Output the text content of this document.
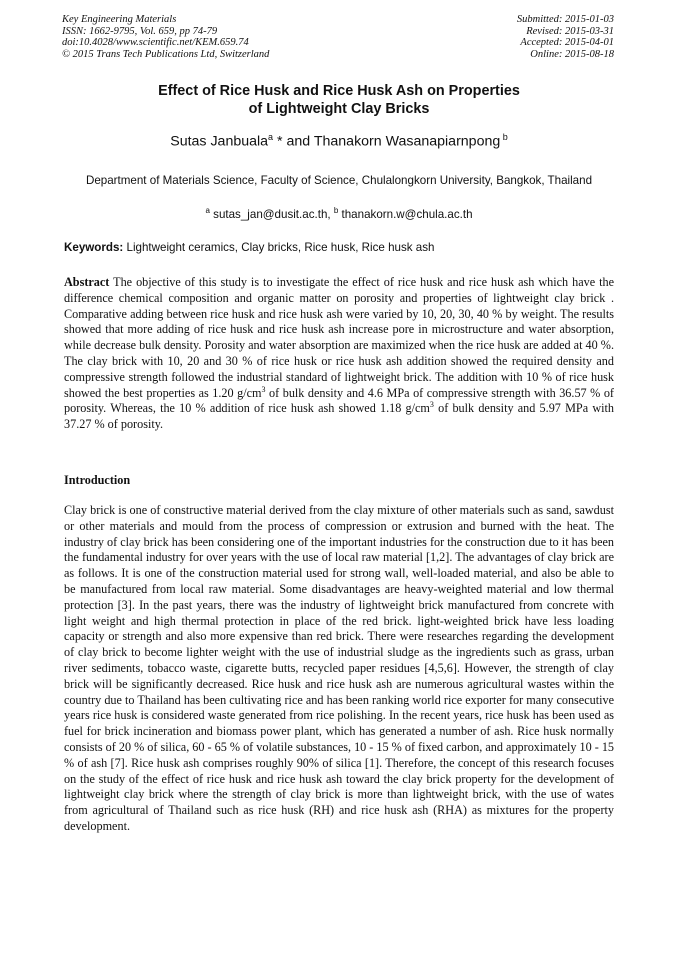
Key Engineering Materials
ISSN: 1662-9795, Vol. 659, pp 74-79
doi:10.4028/www.scientific.net/KEM.659.74
© 2015 Trans Tech Publications Ltd, Switzerland
Submitted: 2015-01-03
Revised: 2015-03-31
Accepted: 2015-04-01
Online: 2015-08-18
Effect of Rice Husk and Rice Husk Ash on Properties
of Lightweight Clay Bricks
Sutas Janbuala$^a$ * and Thanakorn Wasanapiarnpong $^b$
Department of Materials Science, Faculty of Science, Chulalongkorn University, Bangkok, Thailand
$^a$ sutas_jan@dusit.ac.th, $^b$ thanakorn.w@chula.ac.th
Keywords: Lightweight ceramics, Clay bricks, Rice husk, Rice husk ash

Abstract The objective of this study is to investigate the effect of rice husk and rice husk ash which have the difference chemical composition and organic matter on porosity and properties of lightweight clay brick . Comparative adding between rice husk and rice husk ash were varied by 10, 20, 30, 40 % by weight. The results showed that more adding of rice husk and rice husk ash increase pore in microstructure and water absorption, while decrease bulk density. Porosity and water absorption are maximized when the rice husk are added at 40 %. The clay brick with 10, 20 and 30 % of rice husk or rice husk ash addition showed the required density and compressive strength followed the industrial standard of lightweight brick. The addition with 10 % of rice husk showed the best properties as 1.20 $g/cm^3$ of bulk density and 4.6 MPa of compressive strength with 36.57 % of porosity. Whereas, the 10 % addition of rice husk ash showed 1.18 $g/cm^3$ of bulk density and 5.97 MPa with 37.27 % of porosity.

Introduction

Clay brick is one of constructive material derived from the clay mixture of other materials such as sand, sawdust or other materials and mould from the process of compression or extrusion and burned with the heat. The industry of clay brick has been considering one of the important industries for the construction due to it has been the fundamental industry for over years with the use of local raw material [1,2]. The advantages of clay brick are as follows. It is one of the construction material used for strong wall, well-loaded material, and also be able to be manufactured from local raw material. Some disadvantages are heavy-weighted material and low thermal protection [3]. In the past years, there was the industry of lightweight brick manufactured from concrete with light weight and high thermal protection in place of the red brick. light-weighted brick have less loading capacity or strength and also more expensive than red brick. There were researches regarding the development of clay brick to become lighter weight with the use of industrial sludge as the ingredients such as grass, urban river sediments, tobacco waste, cigarette butts, recycled paper residues [4,5,6]. However, the strength of clay brick will be significantly decreased. Rice husk and rice husk ash are numerous agricultural wastes within the country due to Thailand has been cultivating rice and has been ranking world rice exporter for many consecutive years rice husk is considered waste generated from rice polishing. In the recent years, rice husk has been used as fuel for brick incineration and biomass power plant, which has generated a number of ash. Rice husk normally consists of 20 % of silica, 60 - 65 % of volatile substances, 10 - 15 % of fixed carbon, and approximately 10 - 15 % of ash [7]. Rice husk ash comprises roughly 90% of silica [1]. Therefore, the concept of this research focuses on the study of the effect of rice husk and rice husk ash toward the clay brick property for the development of lightweight clay brick where the strength of clay brick is more than lightweight brick, with the use of wates from agricultural of Thailand such as rice husk (RH) and rice husk ash (RHA) as mixtures for the property development.
